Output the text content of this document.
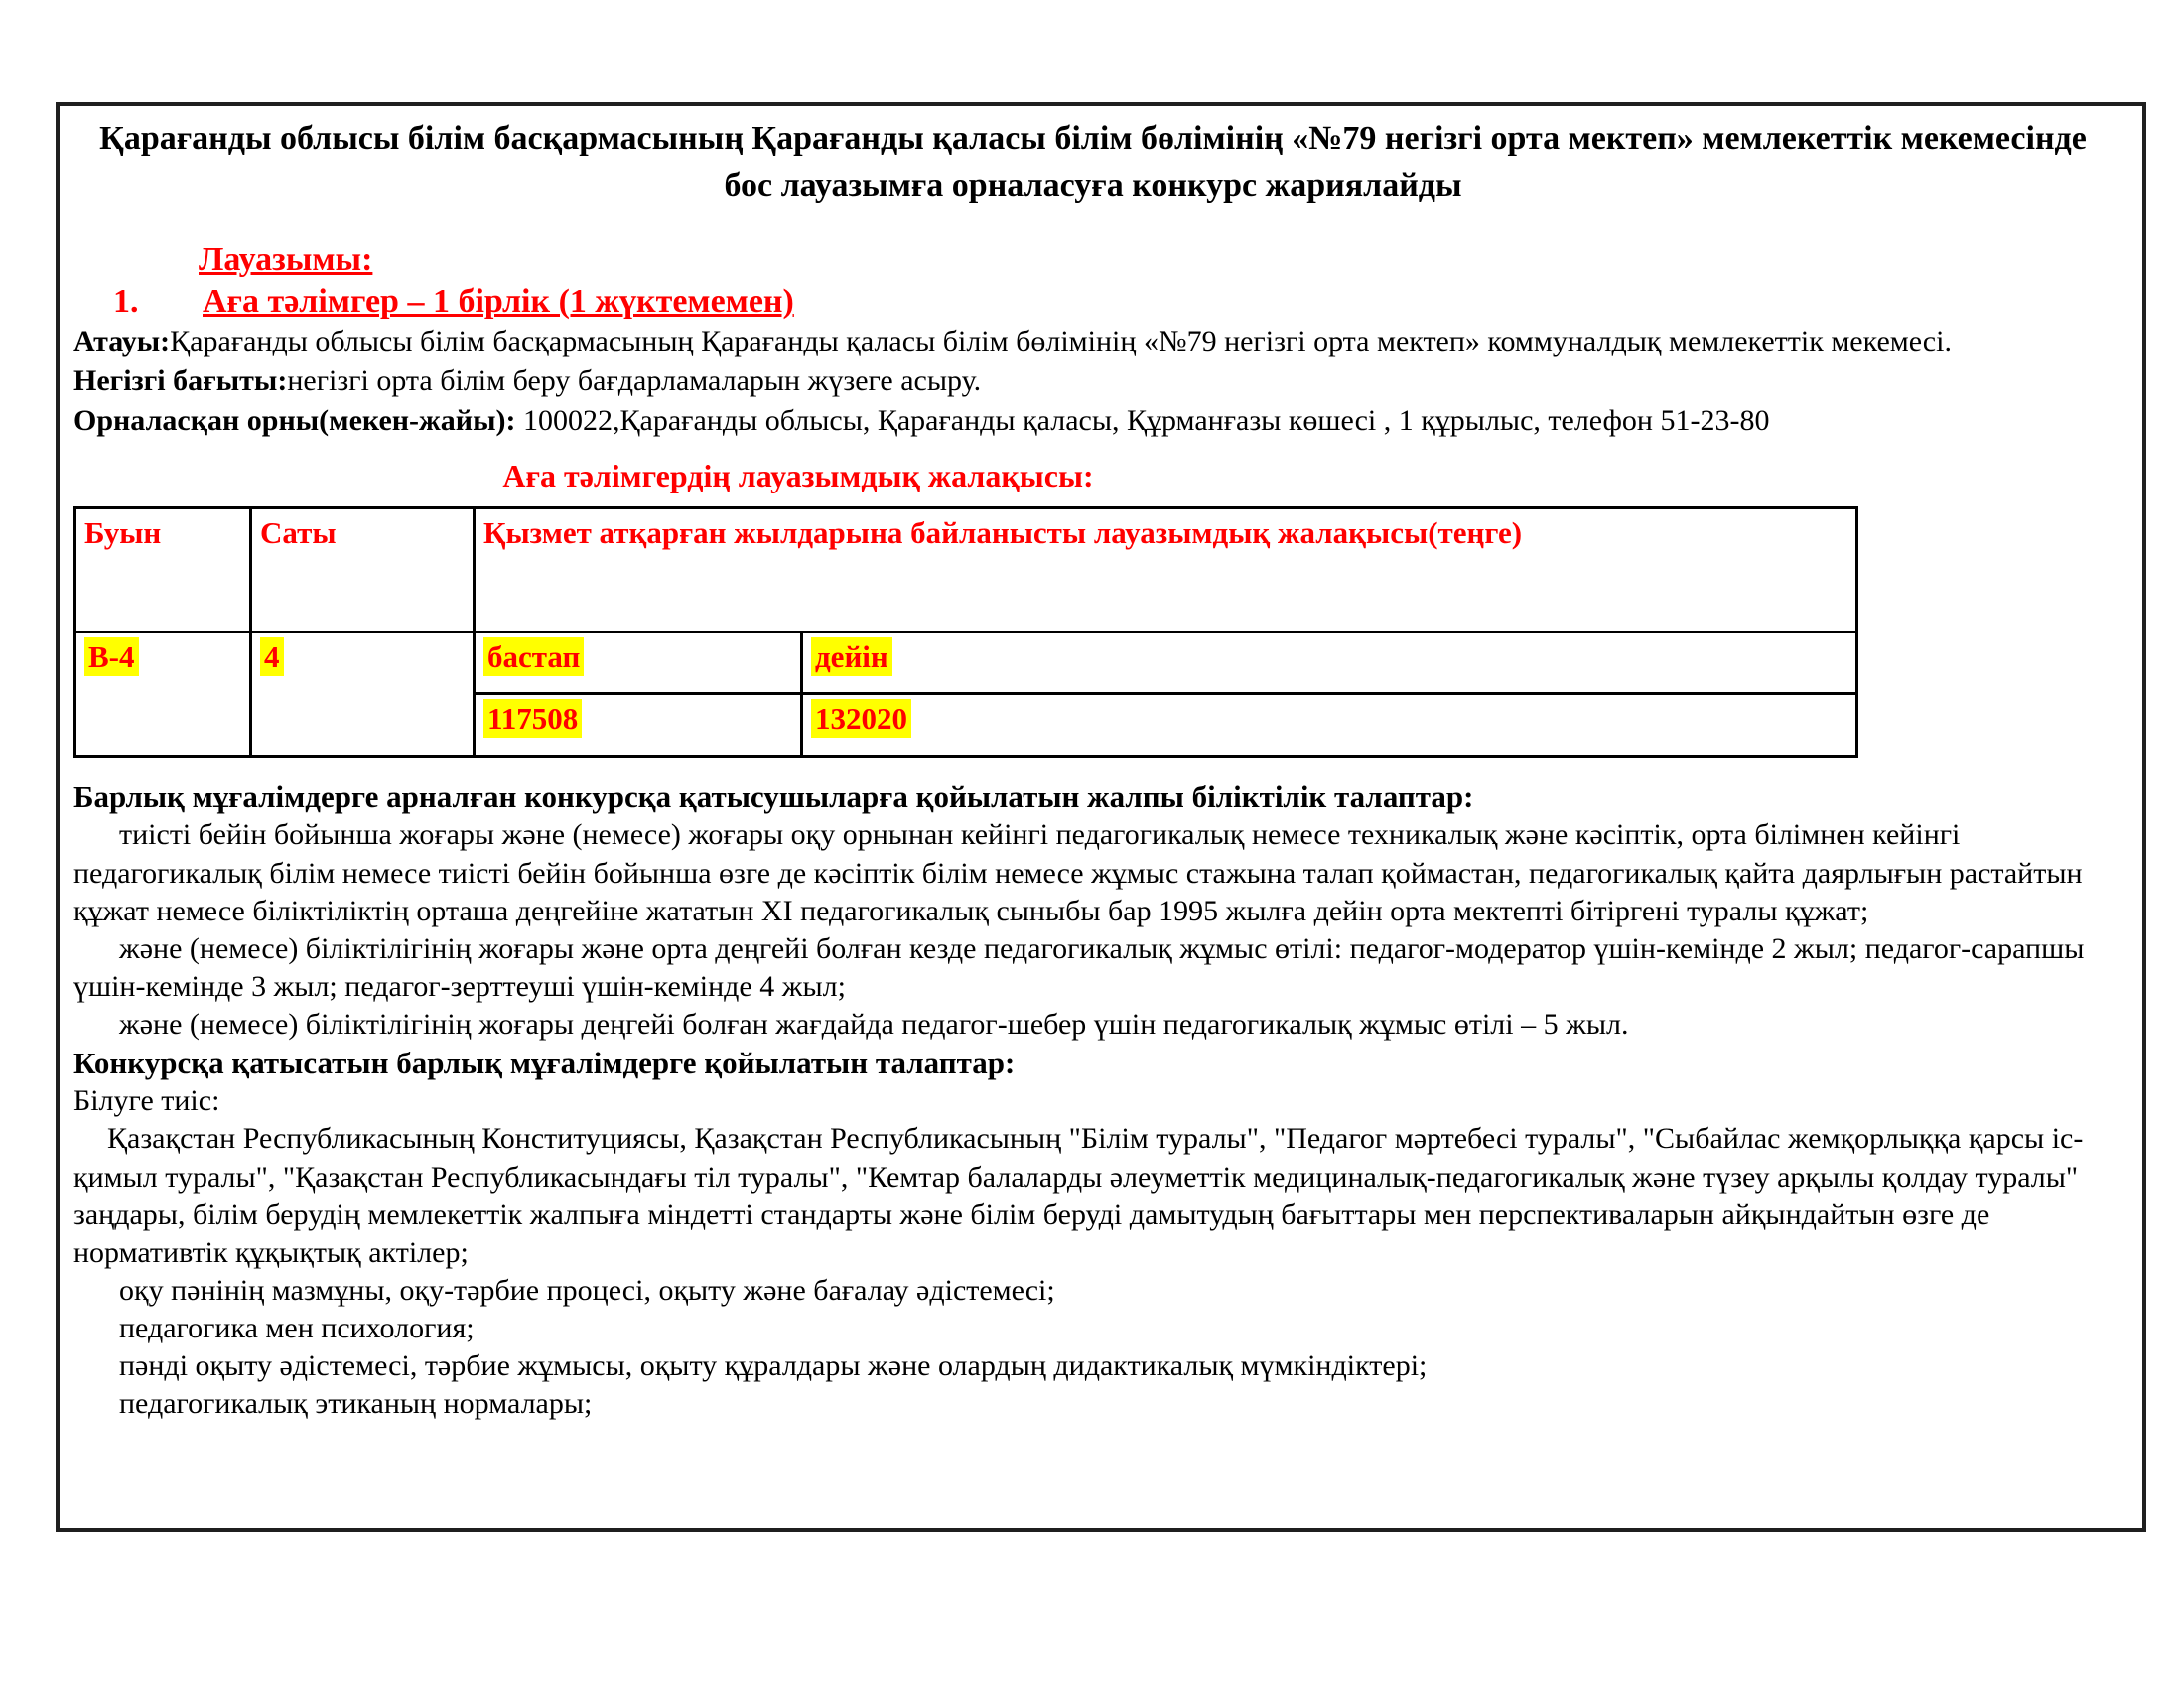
Қарағанды облысы білім басқармасының Қарағанды қаласы білім бөлімінің «№79 негізгі орта мектеп» мемлекеттік мекемесінде
бос лауазымға орналасуға конкурс жариялайды
Лауазымы:
1. Аға тәлімгер – 1 бірлік (1 жүктемемен)

Атауы:Қарағанды облысы білім басқармасының Қарағанды қаласы білім бөлімінің «№79 негізгі орта мектеп» коммуналдық мемлекеттік мекемесі.

Негізгі бағыты:негізгі орта білім беру бағдарламаларын жүзеге асыру.

Орналасқан орны(мекен-жайы): 100022,Қарағанды облысы, Қарағанды қаласы, Құрманғазы көшесі , 1 құрылыс, телефон 51-23-80

Аға тәлімгердің лауазымдық жалақысы:
Буын	Саты	Қызмет атқарған жылдарына байланысты лауазымдық жалақысы(теңге)	
B-4	4	бастап	дейін
		117508	132020

Барлық мұғалімдерге арналған конкурсқа қатысушыларға қойылатын жалпы біліктілік талаптар:

тиісті бейін бойынша жоғары және (немесе) жоғары оқу орнынан кейінгі педагогикалық немесе техникалық және кәсіптік, орта білімнен кейінгі педагогикалық білім немесе тиісті бейін бойынша өзге де кәсіптік білім немесе жұмыс стажына талап қоймастан, педагогикалық қайта даярлығын растайтын құжат немесе біліктіліктің орташа деңгейіне жататын XI педагогикалық сыныбы бар 1995 жылға дейін орта мектепті бітіргені туралы құжат;

және (немесе) біліктілігінің жоғары және орта деңгейі болған кезде педагогикалық жұмыс өтілі: педагог-модератор үшін-кемінде 2 жыл; педагог-сарапшы үшін-кемінде 3 жыл; педагог-зерттеуші үшін-кемінде 4 жыл;

және (немесе) біліктілігінің жоғары деңгейі болған жағдайда педагог-шебер үшін педагогикалық жұмыс өтілі – 5 жыл.

Конкурсқа қатысатын барлық мұғалімдерге қойылатын талаптар:

Білуге тиіс:

Қазақстан Республикасының Конституциясы, Қазақстан Республикасының "Білім туралы", "Педагог мәртебесі туралы", "Сыбайлас жемқорлыққа қарсы іс-қимыл туралы", "Қазақстан Республикасындағы тіл туралы", "Кемтар балаларды әлеуметтік медициналық-педагогикалық және түзеу арқылы қолдау туралы" заңдары, білім берудің мемлекеттік жалпыға міндетті стандарты және білім беруді дамытудың бағыттары мен перспективаларын айқындайтын өзге де нормативтік құқықтық актілер;

оқу пәнінің мазмұны, оқу-тәрбие процесі, оқыту және бағалау әдістемесі;

педагогика мен психология;

пәнді оқыту әдістемесі, тәрбие жұмысы, оқыту құралдары және олардың дидактикалық мүмкіндіктері;

педагогикалық этиканың нормалары;
